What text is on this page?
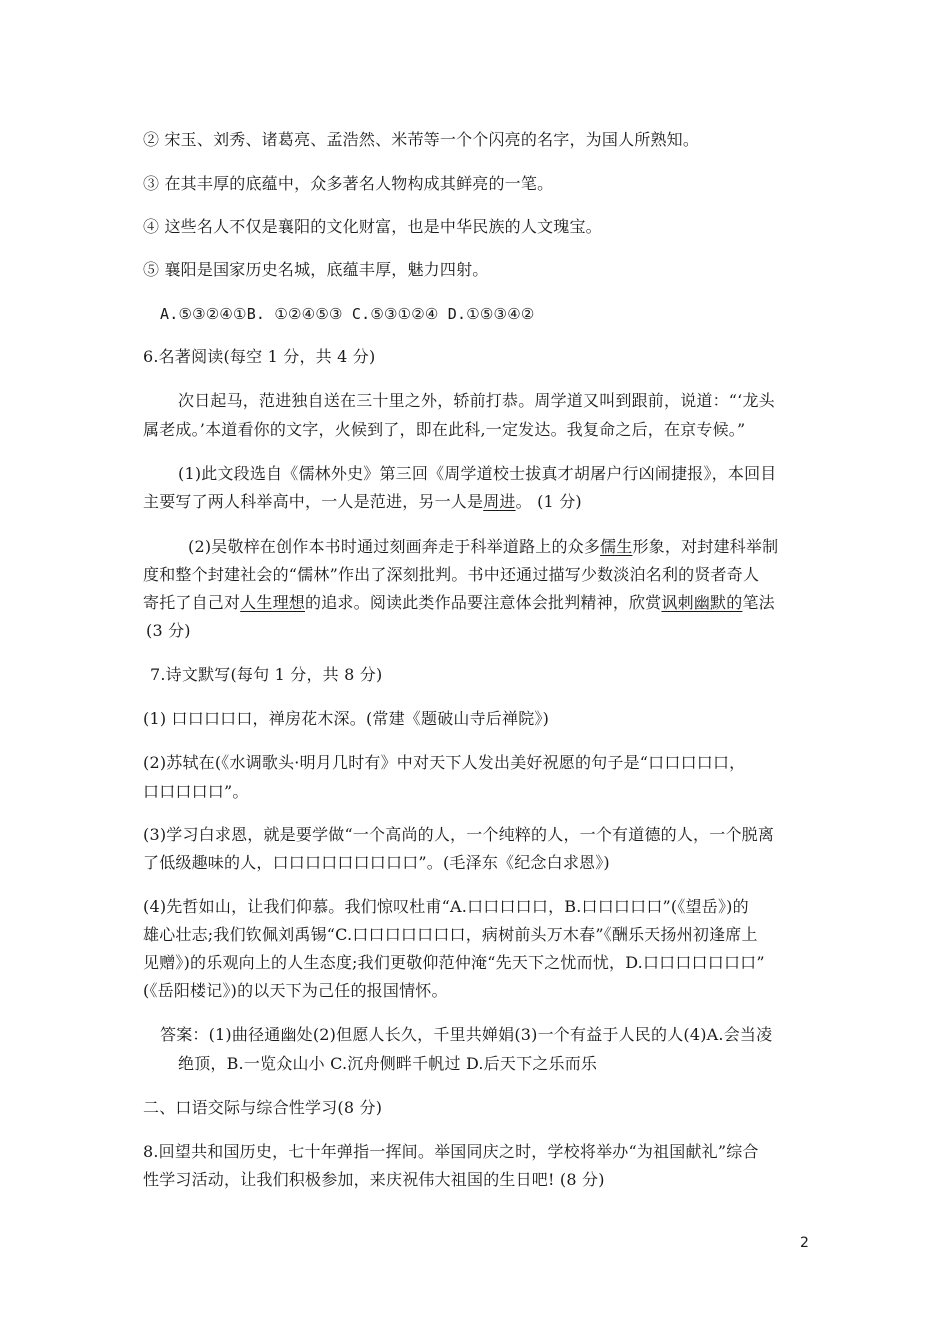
② 宋玉、刘秀、诸葛亮、孟浩然、米芾等一个个闪亮的名字，为国人所熟知。
③ 在其丰厚的底蕴中，众多著名人物构成其鲜亮的一笔。
④ 这些名人不仅是襄阳的文化财富，也是中华民族的人文瑰宝。
⑤ 襄阳是国家历史名城，底蕴丰厚，魅力四射。
A.⑤③②④①B. ①②④⑤③ C.⑤③①②④ D.①⑤③④②
6.名著阅读(每空 1 分，共 4 分)
次日起马，范进独自送在三十里之外，轿前打恭。周学道又叫到跟前，说道：“‘龙头
属老成。’本道看你的文字，火候到了，即在此科,一定发达。我复命之后，在京专候。”
(1)此文段选自《儒林外史》第三回《周学道校士拔真才胡屠户行凶闹捷报》，本回目
主要写了两人科举高中，一人是范进，另一人是周进。 (1 分)
(2)吴敬梓在创作本书时通过刻画奔走于科举道路上的众多儒生形象，对封建科举制
度和整个封建社会的“儒林”作出了深刻批判。书中还通过描写少数淡泊名利的贤者奇人
寄托了自己对人生理想的追求。阅读此类作品要注意体会批判精神，欣赏讽刺幽默的笔法
(3 分)
7.诗文默写(每句 1 分，共 8 分)
(1) 口口口口口，禅房花木深。(常建《题破山寺后禅院》)
(2)苏轼在(《水调歌头·明月几时有》中对天下人发出美好祝愿的句子是“口口口口口，
口口口口口”。
(3)学习白求恩，就是要学做“一个高尚的人，一个纯粹的人，一个有道德的人，一个脱离
了低级趣味的人，口口口口口口口口口”。(毛泽东《纪念白求恩》)
(4)先哲如山，让我们仰慕。我们惊叹杜甫“A.口口口口口，B.口口口口口”(《望岳》)的
雄心壮志;我们钦佩刘禹锡“C.口口口口口口口，病树前头万木春”《酬乐天扬州初逢席上
见赠》)的乐观向上的人生态度;我们更敬仰范仲淹“先天下之忧而忧，D.口口口口口口口”
(《岳阳楼记》)的以天下为己任的报国情怀。
答案：(1)曲径通幽处(2)但愿人长久，千里共婵娟(3)一个有益于人民的人(4)A.会当凌
绝顶，B.一览众山小 C.沉舟侧畔千帆过 D.后天下之乐而乐
二、口语交际与综合性学习(8 分)
8.回望共和国历史，七十年弹指一挥间。举国同庆之时，学校将举办“为祖国献礼”综合
性学习活动，让我们积极参加，来庆祝伟大祖国的生日吧! (8 分)
2
